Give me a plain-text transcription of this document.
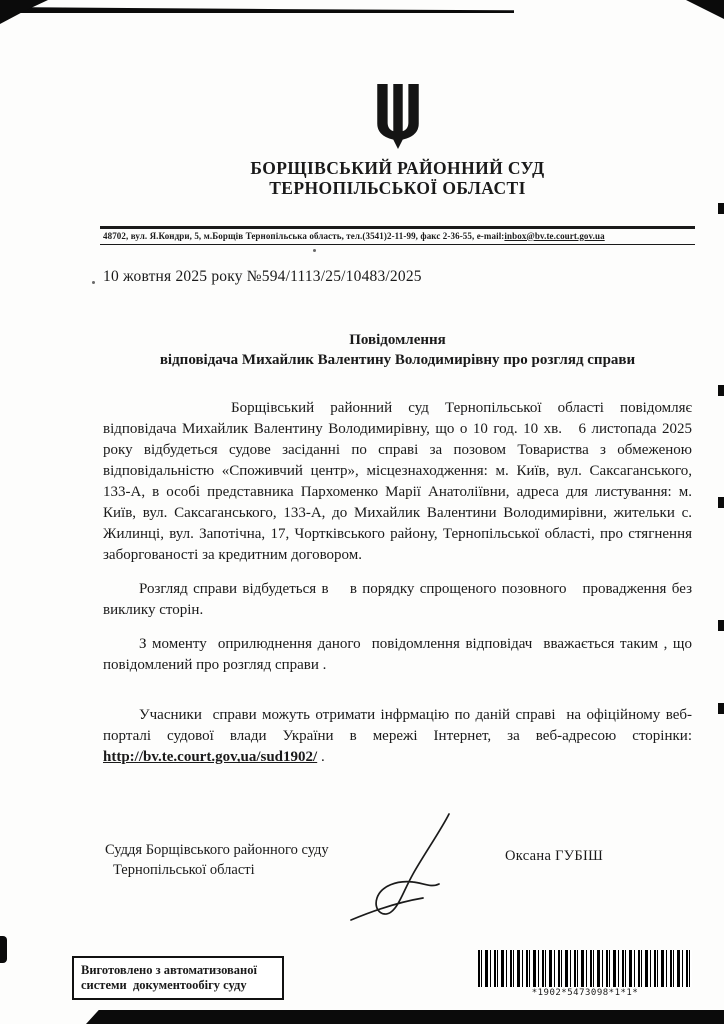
БОРЩІВСЬКИЙ РАЙОННИЙ СУД
ТЕРНОПІЛЬСЬКОЇ ОБЛАСТІ
48702, вул. Я.Кондри, 5, м.Борщів Тернопільська область, тел.(3541)2-11-99, факс 2-36-55, e-mail:inbox@bv.te.court.gov.ua
10 жовтня 2025 року №594/1113/25/10483/2025
Повідомлення
відповідача Михайлик Валентину Володимирівну про розгляд справи

Борщівський районний суд Тернопільської області повідомляє відповідача Михайлик Валентину Володимирівну, що о 10 год. 10 хв.   6 листопада 2025 року відбудеться судове засіданні по справі за позовом Товариства з обмеженою відповідальністю «Споживчий центр», місцезнаходження: м. Київ, вул. Саксаганського, 133-А, в особі представника Пархоменко Марії Анатоліївни, адреса для листування: м. Київ, вул. Саксаганського, 133-А, до Михайлик Валентини Володимирівни, жительки с. Жилинці, вул. Запотічна, 17, Чортківського району, Тернопільської області, про стягнення заборгованості за кредитним договором.

Розгляд справи відбудеться в    в порядку спрощеного позовного   провадження без виклику сторін.

З моменту  оприлюднення даного  повідомлення відповідач  вважається таким , що повідомлений про розгляд справи .

Учасники  справи можуть отримати інфрмацію по даній справі  на офіційному веб-порталі судової влади України в мережі Інтернет, за веб-адресою сторінки: http://bv.te.court.gov.ua/sud1902/ .

Суддя Борщівського районного суду
Тернопільської області
Оксана ГУБІШ
Виготовлено з автоматизованої системи  документообігу суду
*1902*5473098*1*1*
